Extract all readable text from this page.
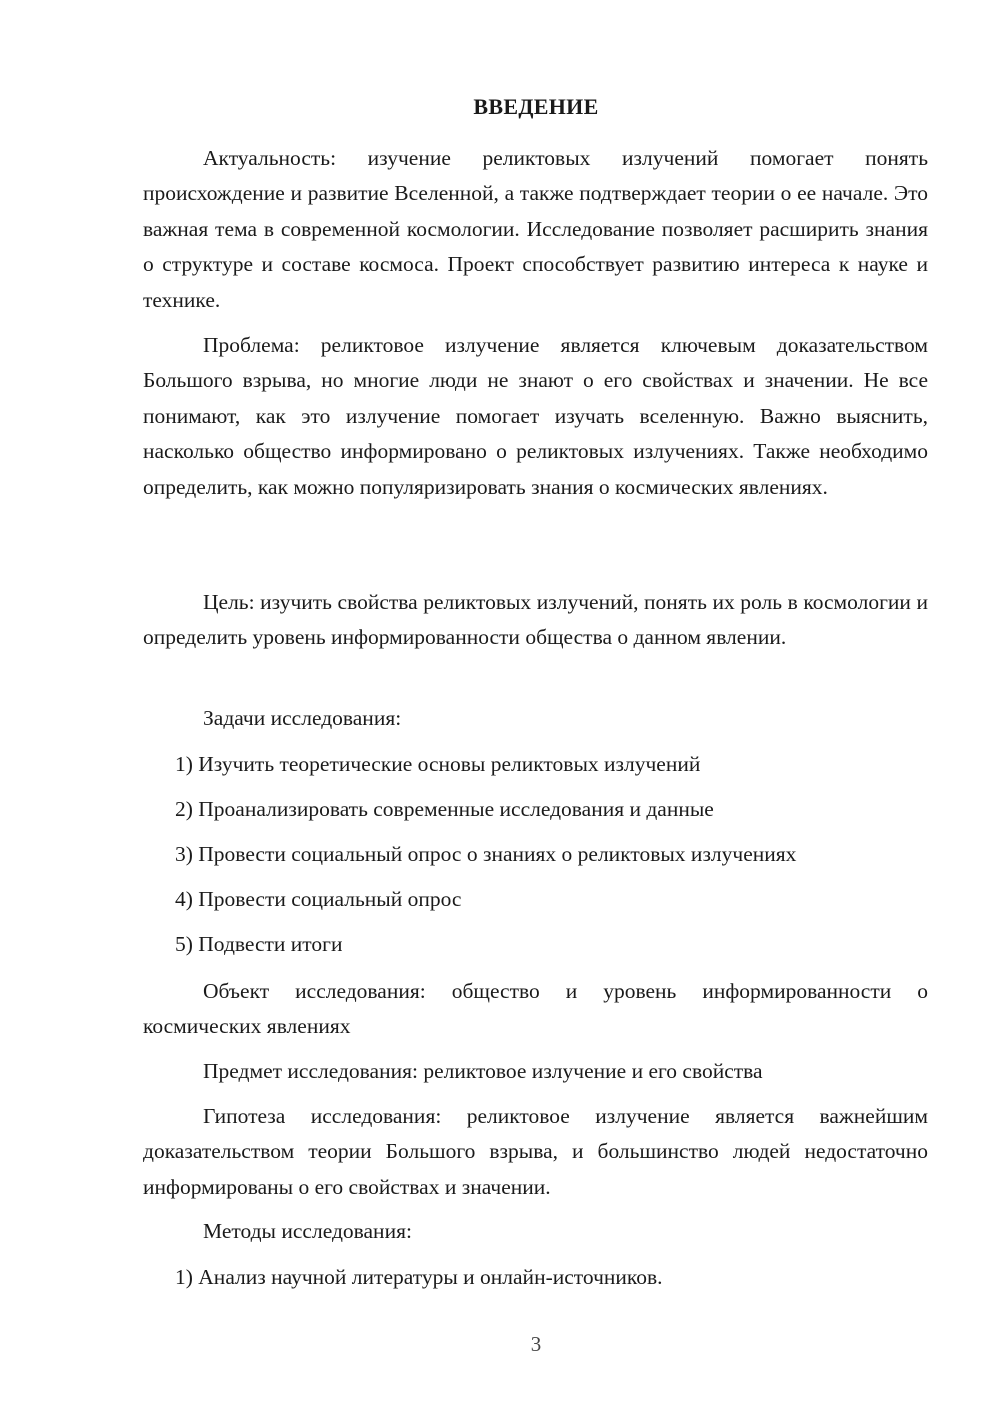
ВВЕДЕНИЕ

Актуальность: изучение реликтовых излучений помогает понять происхождение и развитие Вселенной, а также подтверждает теории о ее начале. Это важная тема в современной космологии. Исследование позволяет расширить знания о структуре и составе космоса. Проект способствует развитию интереса к науке и технике.

Проблема: реликтовое излучение является ключевым доказательством Большого взрыва, но многие люди не знают о его свойствах и значении. Не все понимают, как это излучение помогает изучать вселенную. Важно выяснить, насколько общество информировано о реликтовых излучениях. Также необходимо определить, как можно популяризировать знания о космических явлениях.

Цель: изучить свойства реликтовых излучений, понять их роль в космологии и определить уровень информированности общества о данном явлении.

Задачи исследования:

1) Изучить теоретические основы реликтовых излучений

2) Проанализировать современные исследования и данные

3) Провести социальный опрос о знаниях о реликтовых излучениях

4) Провести социальный опрос

5) Подвести итоги

Объект исследования: общество и уровень информированности о космических явлениях

Предмет исследования: реликтовое излучение и его свойства

Гипотеза исследования: реликтовое излучение является важнейшим доказательством теории Большого взрыва, и большинство людей недостаточно информированы о его свойствах и значении.

Методы исследования:

1) Анализ научной литературы и онлайн-источников.

3
